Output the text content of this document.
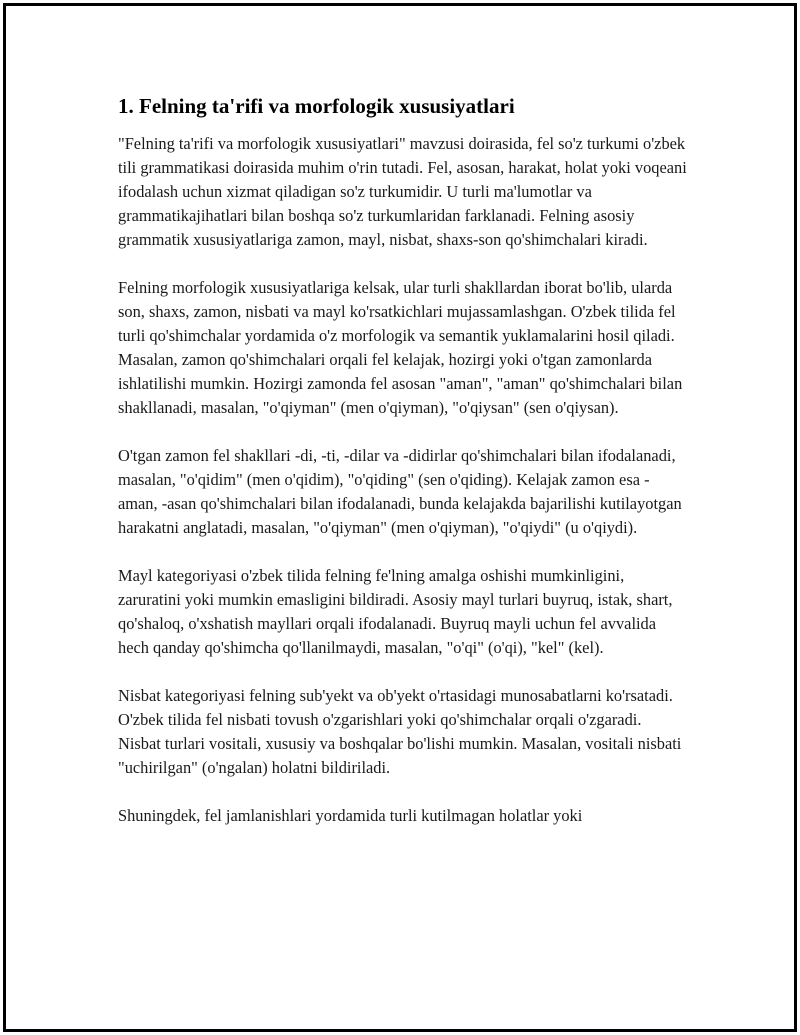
1. Felning ta'rifi va morfologik xususiyatlari

"Felning ta'rifi va morfologik xususiyatlari" mavzusi doirasida, fel so'z turkumi o'zbek tili grammatikasi doirasida muhim o'rin tutadi. Fel, asosan, harakat, holat yoki voqeani ifodalash uchun xizmat qiladigan so'z turkumidir. U turli ma'lumotlar va grammatikajihatlari bilan boshqa so'z turkumlaridan farklanadi. Felning asosiy grammatik xususiyatlariga zamon, mayl, nisbat, shaxs-son qo'shimchalari kiradi.

Felning morfologik xususiyatlariga kelsak, ular turli shakllardan iborat bo'lib, ularda son, shaxs, zamon, nisbati va mayl ko'rsatkichlari mujassamlashgan. O'zbek tilida fel turli qo'shimchalar yordamida o'z morfologik va semantik yuklamalarini hosil qiladi. Masalan, zamon qo'shimchalari orqali fel kelajak, hozirgi yoki o'tgan zamonlarda ishlatilishi mumkin. Hozirgi zamonda fel asosan "aman", "aman" qo'shimchalari bilan shakllanadi, masalan, "o'qiyman" (men o'qiyman), "o'qiysan" (sen o'qiysan).

O'tgan zamon fel shakllari -di, -ti, -dilar va -didirlar qo'shimchalari bilan ifodalanadi, masalan, "o'qidim" (men o'qidim), "o'qiding" (sen o'qiding). Kelajak zamon esa -aman, -asan qo'shimchalari bilan ifodalanadi, bunda kelajakda bajarilishi kutilayotgan harakatni anglatadi, masalan, "o'qiyman" (men o'qiyman), "o'qiydi" (u o'qiydi).

Mayl kategoriyasi o'zbek tilida felning fe'lning amalga oshishi mumkinligini, zaruratini yoki mumkin emasligini bildiradi. Asosiy mayl turlari buyruq, istak, shart, qo'shaloq, o'xshatish mayllari orqali ifodalanadi. Buyruq mayli uchun fel avvalida hech qanday qo'shimcha qo'llanilmaydi, masalan, "o'qi" (o'qi), "kel" (kel).

Nisbat kategoriyasi felning sub'yekt va ob'yekt o'rtasidagi munosabatlarni ko'rsatadi. O'zbek tilida fel nisbati tovush o'zgarishlari yoki qo'shimchalar orqali o'zgaradi. Nisbat turlari vositali, xususiy va boshqalar bo'lishi mumkin. Masalan, vositali nisbati "uchirilgan" (o'ngalan) holatni bildiriladi.

Shuningdek, fel jamlanishlari yordamida turli kutilmagan holatlar yoki
